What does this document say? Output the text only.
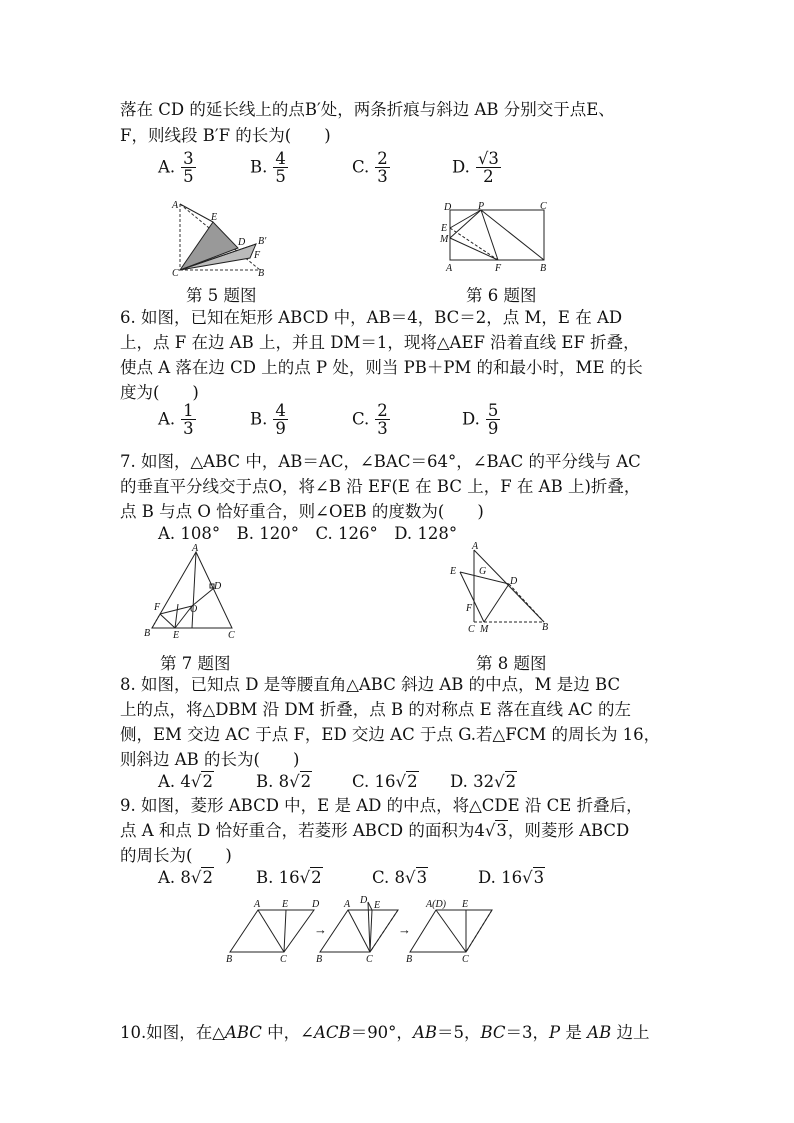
落在 CD 的延长线上的点B′处，两条折痕与斜边 AB 分别交于点E、
F，则线段 B′F 的长为(　　)
A. $\frac{3}{5}$	B. $\frac{4}{5}$	C. $\frac{2}{3}$	D. $\frac{√3}{2}$
A
E
D B′
F
C	B
D	P	C
E
M
A	F	B
第 5 题图	第 6 题图
6. 如图，已知在矩形 ABCD 中，AB＝4，BC＝2，点 M，E 在 AD
上，点 F 在边 AB 上，并且 DM＝1，现将△AEF 沿着直线 EF 折叠，
使点 A 落在边 CD 上的点 P 处，则当 PB＋PM 的和最小时，ME 的长
度为(　　)
A. $\frac{1}{3}$	B. $\frac{4}{9}$	C. $\frac{2}{3}$	D. $\frac{5}{9}$
7. 如图，△ABC 中，AB＝AC，∠BAC＝64°，∠BAC 的平分线与 AC
的垂直平分线交于点O，将∠B 沿 EF(E 在 BC 上，F 在 AB 上)折叠，
点 B 与点 O 恰好重合，则∠OEB 的度数为(　　)
A. 108°　B. 120°　C. 126°　D. 128°
A
D
F	O
B E	C
A
E G
D
F
C M	B
第 7 题图	第 8 题图
8. 如图，已知点 D 是等腰直角△ABC 斜边 AB 的中点，M 是边 BC
上的点，将△DBM 沿 DM 折叠，点 B 的对称点 E 落在直线 AC 的左
侧，EM 交边 AC 于点 F，ED 交边 AC 于点 G.若△FCM 的周长为 16，
则斜边 AB 的长为(　　)
A. 4√2	B. 8√2 C. 16√2 D. 32√2
9. 如图，菱形 ABCD 中，E 是 AD 的中点，将△CDE 沿 CE 折叠后，
点 A 和点 D 恰好重合，若菱形 ABCD 的面积为4√3，则菱形 ABCD
的周长为(　　)
A. 8√2	B. 16√2	C. 8√3	D. 16√3
A E D
B	C
→
A D E
B	C
→
A(D) E
B	C
10.如图，在△ABC 中，∠ACB＝90°，AB＝5，BC＝3，P 是 AB 边上
